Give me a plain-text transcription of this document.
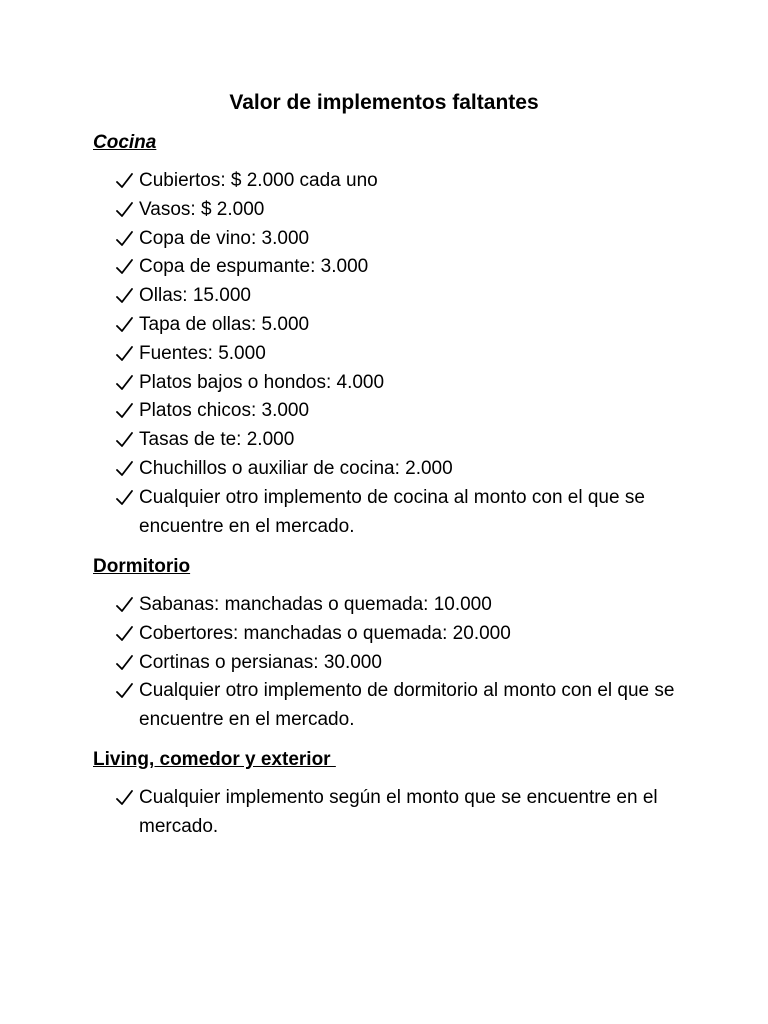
Valor de implementos faltantes
Cocina
Cubiertos: $ 2.000 cada uno
Vasos: $ 2.000
Copa de vino: 3.000
Copa de espumante: 3.000
Ollas: 15.000
Tapa de ollas: 5.000
Fuentes: 5.000
Platos bajos o hondos: 4.000
Platos chicos: 3.000
Tasas de te: 2.000
Chuchillos o auxiliar de cocina: 2.000
Cualquier otro implemento de cocina al monto con el que se encuentre en el mercado.
Dormitorio
Sabanas: manchadas o quemada: 10.000
Cobertores: manchadas o quemada: 20.000
Cortinas o persianas: 30.000
Cualquier otro implemento de dormitorio al monto con el que se encuentre en el mercado.
Living, comedor y exterior
Cualquier implemento según el monto que se encuentre en el mercado.
